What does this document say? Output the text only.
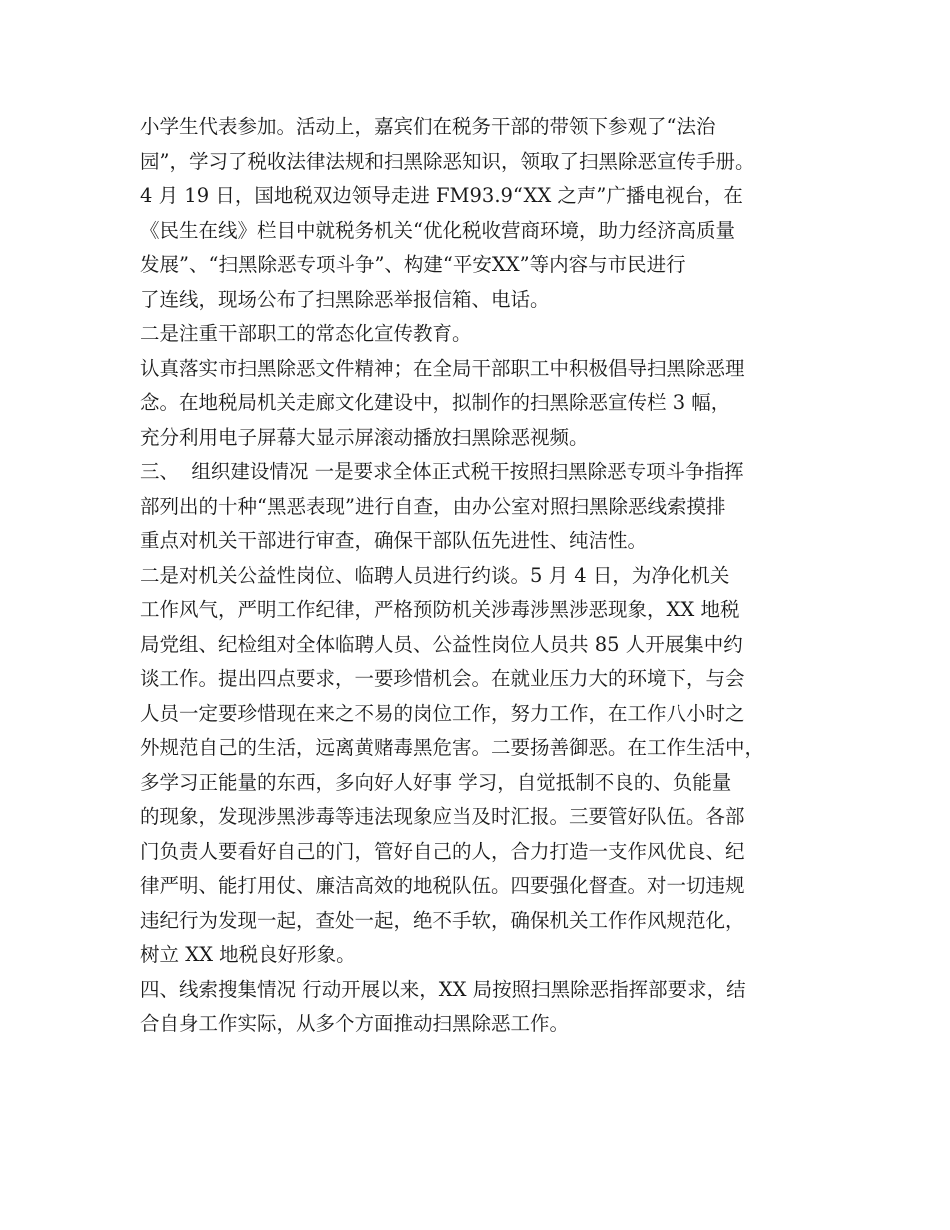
小学生代表参加。活动上，嘉宾们在税务干部的带领下参观了“法治
园”，学习了税收法律法规和扫黑除恶知识，领取了扫黑除恶宣传手册。
4 月 19 日，国地税双边领导走进 FM93.9“XX 之声”广播电视台，在
《民生在线》栏目中就税务机关“优化税收营商环境，助力经济高质量
发展”、“扫黑除恶专项斗争”、构建“平安XX”等内容与市民进行
了连线，现场公布了扫黑除恶举报信箱、电话。
二是注重干部职工的常态化宣传教育。
认真落实市扫黑除恶文件精神；在全局干部职工中积极倡导扫黑除恶理
念。在地税局机关走廊文化建设中，拟制作的扫黑除恶宣传栏 3 幅，
充分利用电子屏幕大显示屏滚动播放扫黑除恶视频。
三、  组织建设情况 一是要求全体正式税干按照扫黑除恶专项斗争指挥
部列出的十种“黑恶表现”进行自查，由办公室对照扫黑除恶线索摸排
重点对机关干部进行审查，确保干部队伍先进性、纯洁性。
二是对机关公益性岗位、临聘人员进行约谈。5 月 4 日，为净化机关
工作风气，严明工作纪律，严格预防机关涉毒涉黑涉恶现象，XX 地税
局党组、纪检组对全体临聘人员、公益性岗位人员共 85 人开展集中约
谈工作。提出四点要求，一要珍惜机会。在就业压力大的环境下，与会
人员一定要珍惜现在来之不易的岗位工作，努力工作，在工作八小时之
外规范自己的生活，远离黄赌毒黑危害。二要扬善御恶。在工作生活中，
多学习正能量的东西，多向好人好事 学习，自觉抵制不良的、负能量
的现象，发现涉黑涉毒等违法现象应当及时汇报。三要管好队伍。各部
门负责人要看好自己的门，管好自己的人，合力打造一支作风优良、纪
律严明、能打用仗、廉洁高效的地税队伍。四要强化督查。对一切违规
违纪行为发现一起，查处一起，绝不手软，确保机关工作作风规范化，
树立 XX 地税良好形象。
四、线索搜集情况 行动开展以来，XX 局按照扫黑除恶指挥部要求，结
合自身工作实际，从多个方面推动扫黑除恶工作。
